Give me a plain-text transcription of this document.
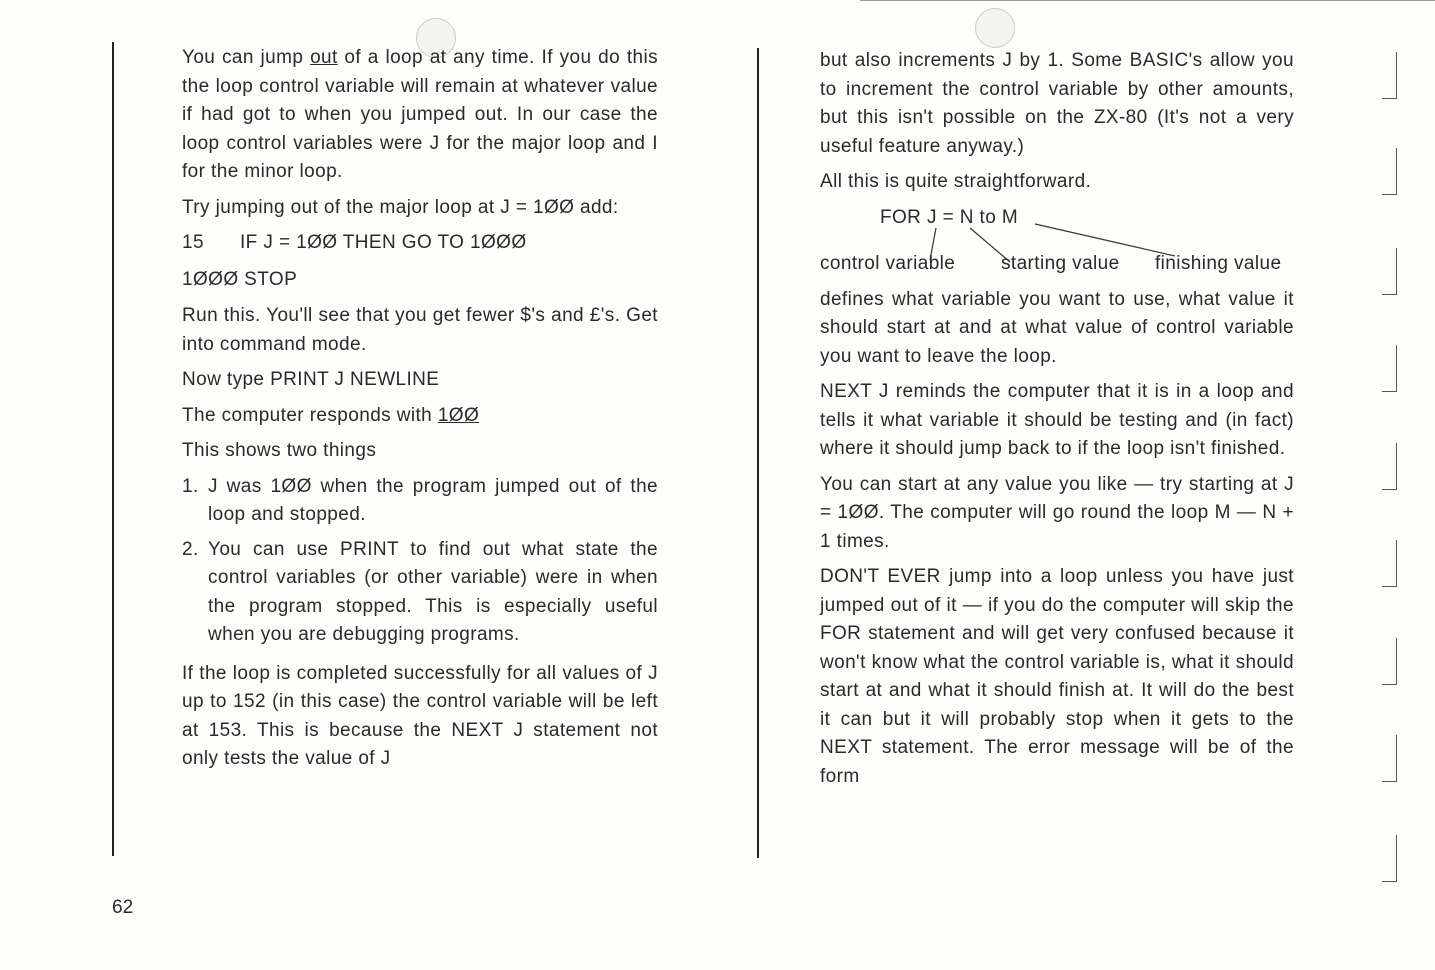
You can jump out of a loop at any time. If you do this the loop control variable will remain at whatever value if had got to when you jumped out. In our case the loop control variables were J for the major loop and I for the minor loop.

Try jumping out of the major loop at J = 1ØØ add:

15 IF J = 1ØØ THEN GO TO 1ØØØ
1ØØØ STOP

Run this. You'll see that you get fewer $'s and £'s. Get into command mode.

Now type PRINT J NEWLINE

The computer responds with 1ØØ

This shows two things

1. J was 1ØØ when the program jumped out of the loop and stopped.
2. You can use PRINT to find out what state the control variables (or other variable) were in when the program stopped. This is especially useful when you are debugging programs.

If the loop is completed successfully for all values of J up to 152 (in this case) the control variable will be left at 153. This is because the NEXT J statement not only tests the value of J

but also increments J by 1. Some BASIC's allow you to increment the control variable by other amounts, but this isn't possible on the ZX-80 (It's not a very useful feature anyway.)

All this is quite straightforward.

FOR J = N to M
control variable starting value finishing value

defines what variable you want to use, what value it should start at and at what value of control variable you want to leave the loop.

NEXT J reminds the computer that it is in a loop and tells it what variable it should be testing and (in fact) where it should jump back to if the loop isn't finished.

You can start at any value you like — try starting at J = 1ØØ. The computer will go round the loop M — N + 1 times.

DON'T EVER jump into a loop unless you have just jumped out of it — if you do the computer will skip the FOR statement and will get very confused because it won't know what the control variable is, what it should start at and what it should finish at. It will do the best it can but it will probably stop when it gets to the NEXT statement. The error message will be of the form

62
